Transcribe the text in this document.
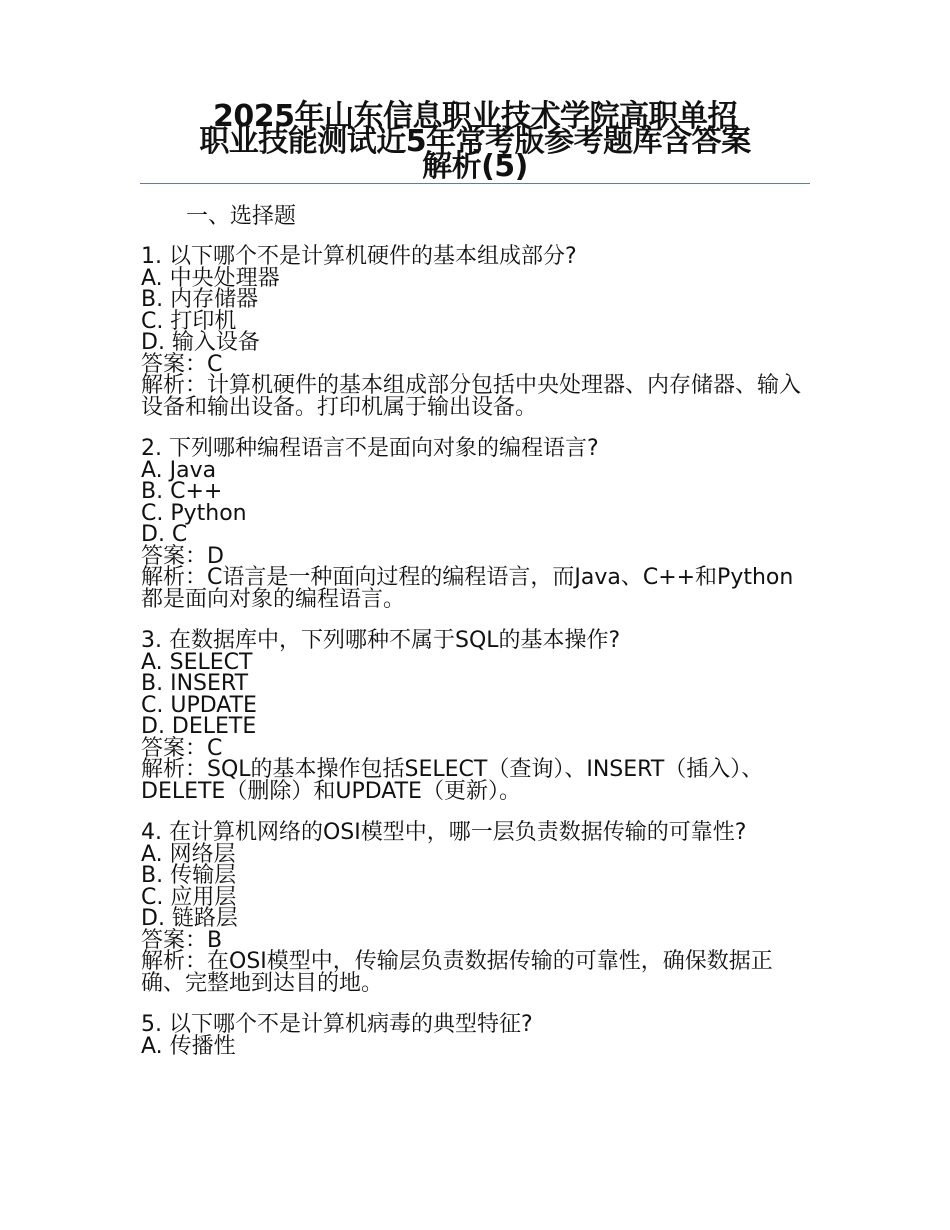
2025年山东信息职业技术学院高职单招
职业技能测试近5年常考版参考题库含答案
解析(5)
一、选择题
1. 以下哪个不是计算机硬件的基本组成部分?
A. 中央处理器
B. 内存储器
C. 打印机
D. 输入设备
答案：C
解析：计算机硬件的基本组成部分包括中央处理器、内存储器、输入设备和输出设备。打印机属于输出设备。
2. 下列哪种编程语言不是面向对象的编程语言?
A. Java
B. C++
C. Python
D. C
答案：D
解析：C语言是一种面向过程的编程语言，而Java、C++和Python都是面向对象的编程语言。
3. 在数据库中，下列哪种不属于SQL的基本操作?
A. SELECT
B. INSERT
C. UPDATE
D. DELETE
答案：C
解析：SQL的基本操作包括SELECT（查询）、INSERT（插入）、DELETE（删除）和UPDATE（更新）。
4. 在计算机网络的OSI模型中，哪一层负责数据传输的可靠性?
A. 网络层
B. 传输层
C. 应用层
D. 链路层
答案：B
解析：在OSI模型中，传输层负责数据传输的可靠性，确保数据正确、完整地到达目的地。
5. 以下哪个不是计算机病毒的典型特征?
A. 传播性
